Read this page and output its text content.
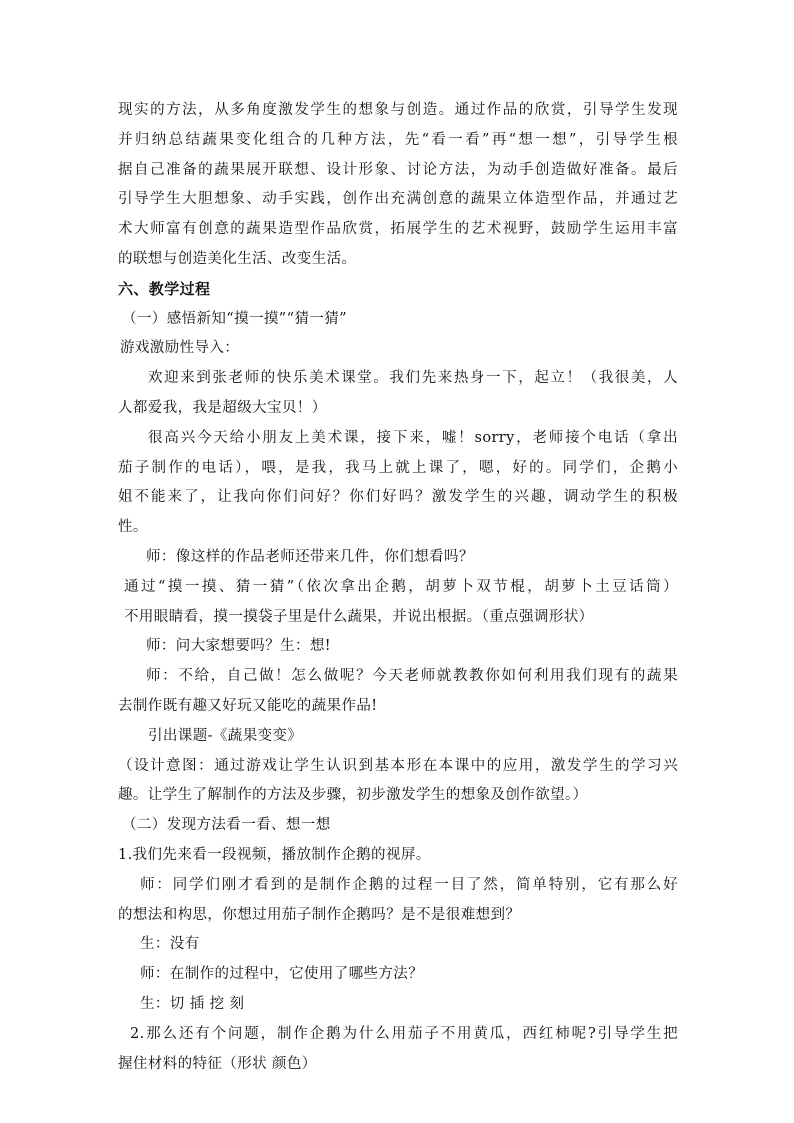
现实的方法，从多角度激发学生的想象与创造。通过作品的欣赏，引导学生发现
并归纳总结蔬果变化组合的几种方法，先“看一看”再“想一想”，引导学生根
据自己准备的蔬果展开联想、设计形象、讨论方法，为动手创造做好准备。最后
引导学生大胆想象、动手实践，创作出充满创意的蔬果立体造型作品，并通过艺
术大师富有创意的蔬果造型作品欣赏，拓展学生的艺术视野，鼓励学生运用丰富
的联想与创造美化生活、改变生活。
六、教学过程
（一）感悟新知“摸一摸”“猜一猜”
游戏激励性导入：
欢迎来到张老师的快乐美术课堂。我们先来热身一下，起立！（我很美，人
人都爱我，我是超级大宝贝！）
很高兴今天给小朋友上美术课，接下来，嘘！sorry，老师接个电话（拿出
茄子制作的电话），喂，是我，我马上就上课了，嗯，好的。同学们，企鹅小
姐不能来了，让我向你们问好？你们好吗？激发学生的兴趣，调动学生的积极
性。
师：像这样的作品老师还带来几件，你们想看吗？
通过“摸一摸、猜一猜”（依次拿出企鹅，胡萝卜双节棍，胡萝卜土豆话筒）
不用眼睛看，摸一摸袋子里是什么蔬果，并说出根据。（重点强调形状）
师：问大家想要吗？生：想!
师：不给，自己做！怎么做呢？今天老师就教教你如何利用我们现有的蔬果
去制作既有趣又好玩又能吃的蔬果作品!
引出课题-《蔬果变变》
（设计意图：通过游戏让学生认识到基本形在本课中的应用，激发学生的学习兴
趣。让学生了解制作的方法及步骤，初步激发学生的想象及创作欲望。）
（二）发现方法看一看、想一想
1.我们先来看一段视频，播放制作企鹅的视屏。
师：同学们刚才看到的是制作企鹅的过程一目了然，简单特别，它有那么好
的想法和构思，你想过用茄子制作企鹅吗？是不是很难想到？
生：没有
师：在制作的过程中，它使用了哪些方法？
生：切 插 挖 刻
2.那么还有个问题，制作企鹅为什么用茄子不用黄瓜，西红柿呢?引导学生把
握住材料的特征（形状 颜色）
